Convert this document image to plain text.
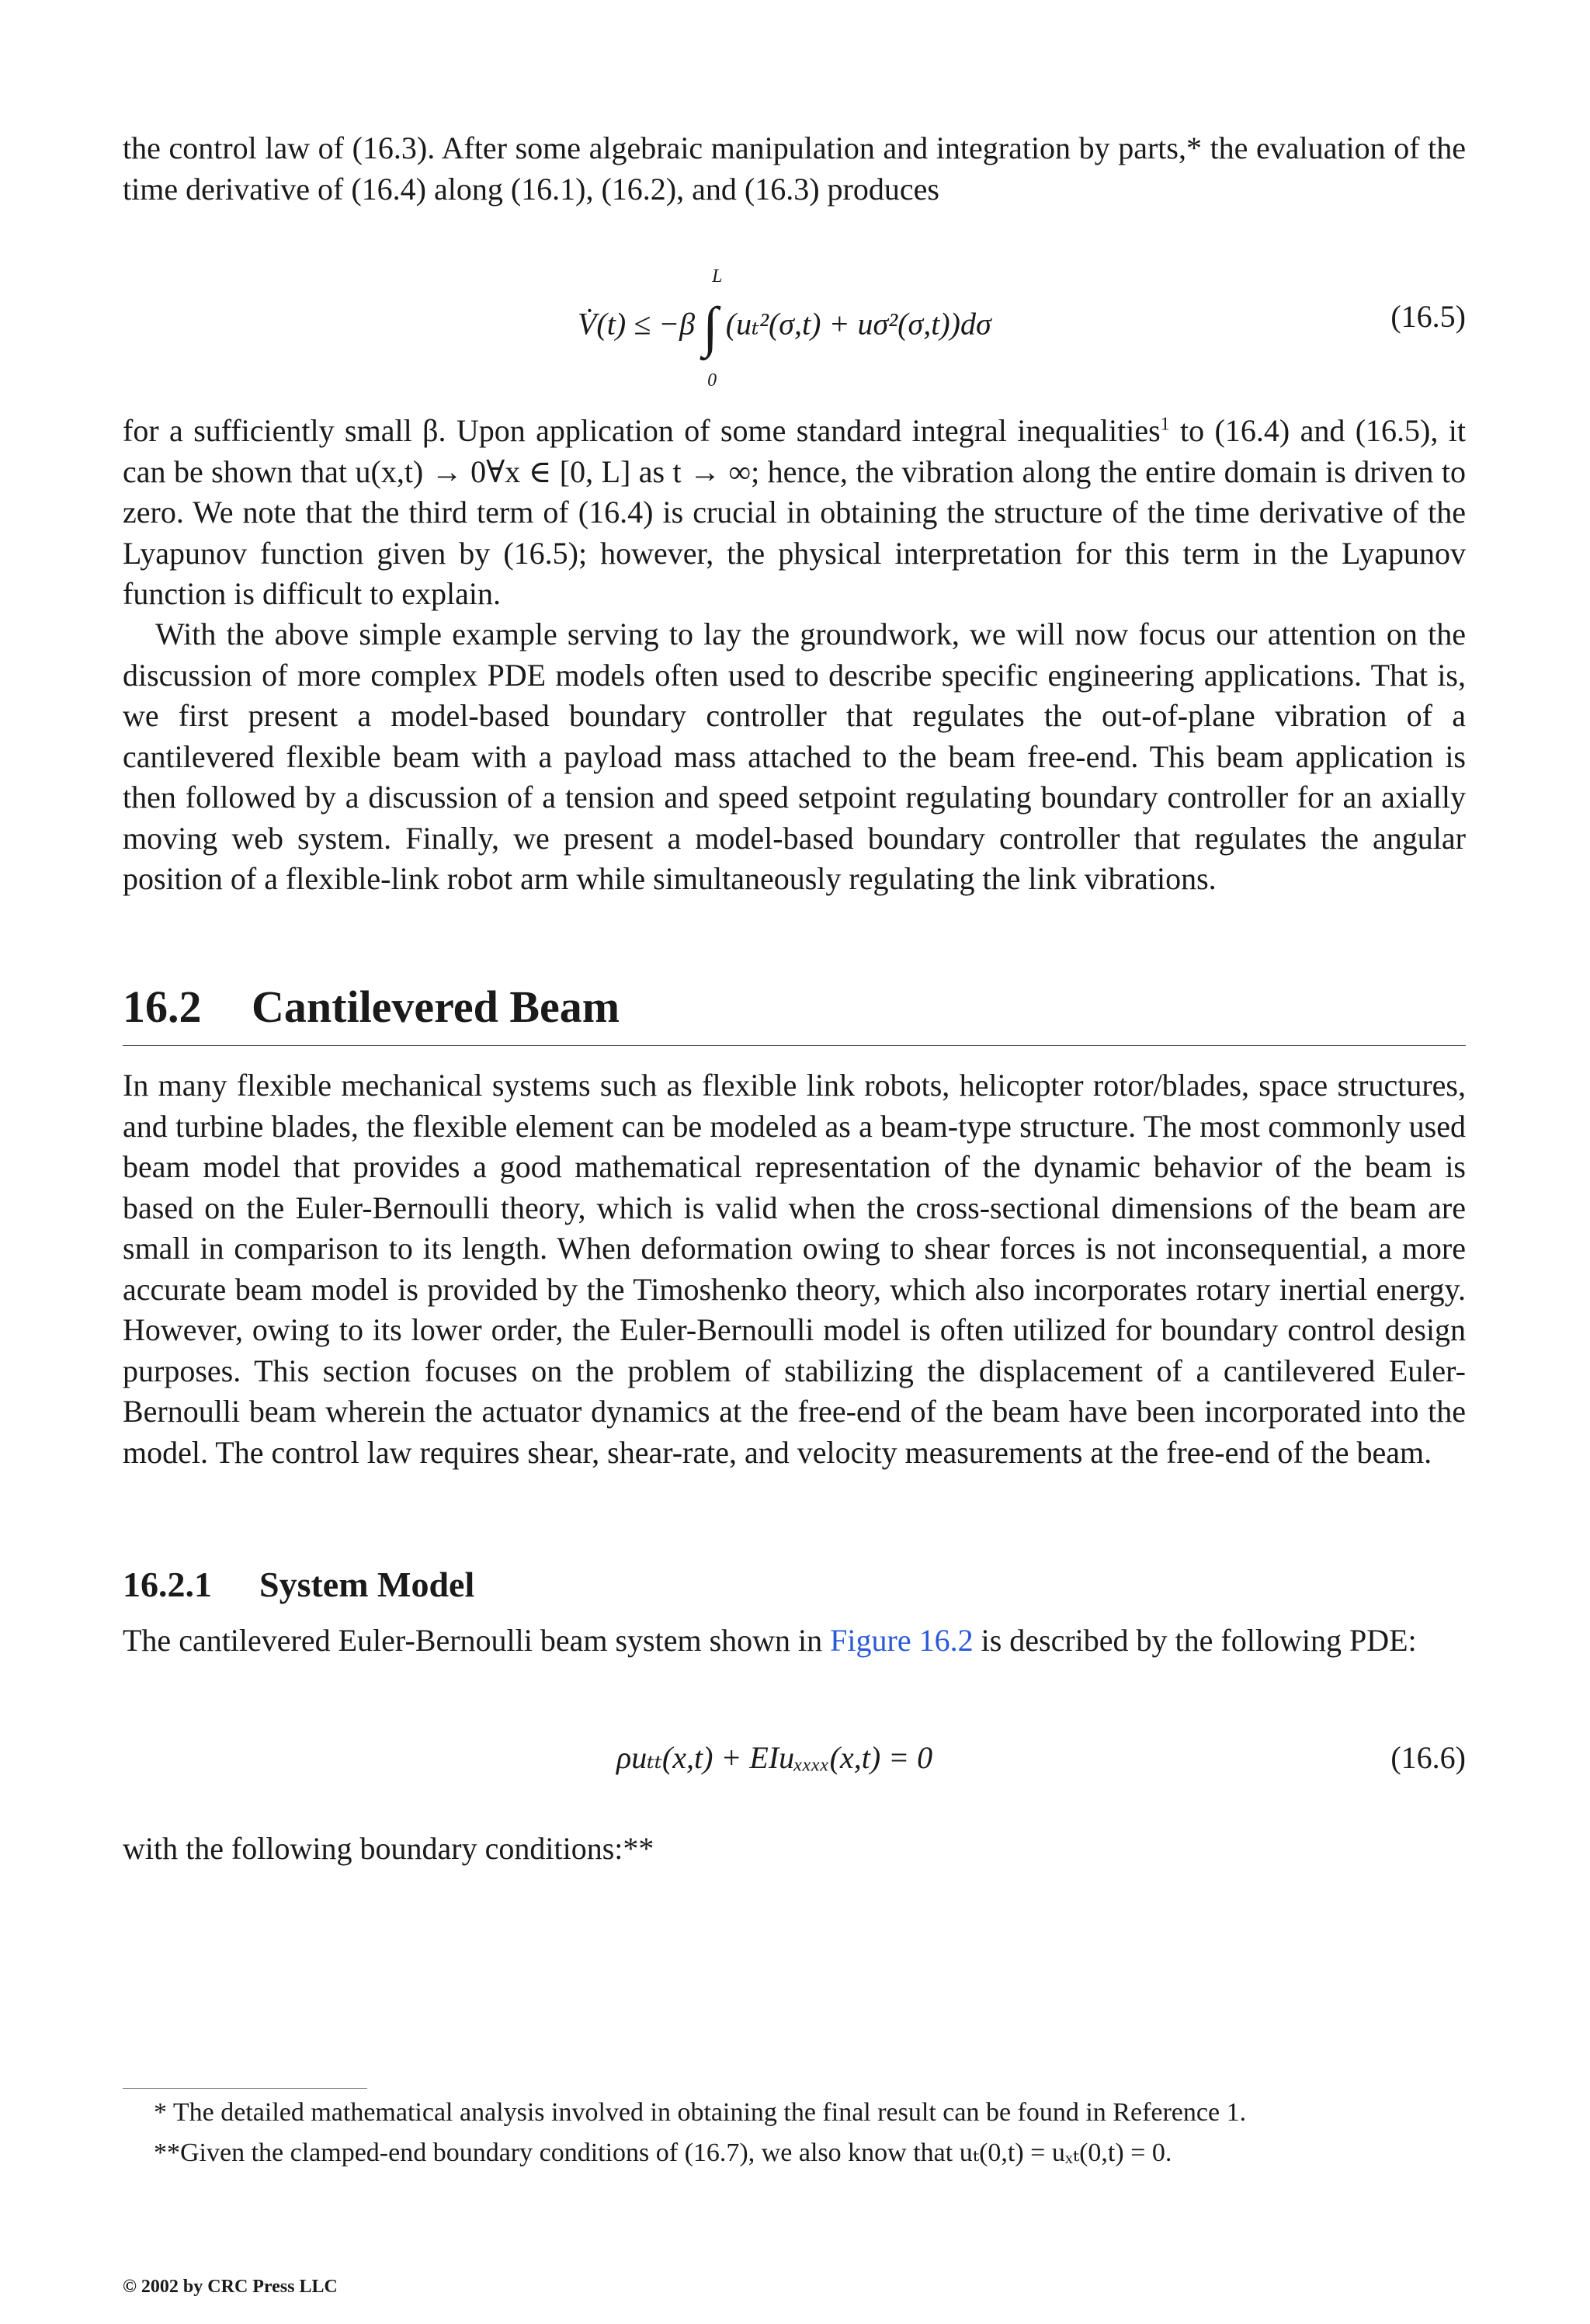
the control law of (16.3). After some algebraic manipulation and integration by parts,* the evaluation of the time derivative of (16.4) along (16.1), (16.2), and (16.3) produces

V̇(t) ≤ −β ∫
L
0
(uₜ²(σ,t) + uσ²(σ,t))dσ	(16.5)

for a sufficiently small β. Upon application of some standard integral inequalities$^1$ to (16.4) and (16.5), it can be shown that u(x,t) → 0∀x ∈ [0, L] as t → ∞; hence, the vibration along the entire domain is driven to zero. We note that the third term of (16.4) is crucial in obtaining the structure of the time derivative of the Lyapunov function given by (16.5); however, the physical interpretation for this term in the Lyapunov function is difficult to explain.

With the above simple example serving to lay the groundwork, we will now focus our attention on the discussion of more complex PDE models often used to describe specific engineering applications. That is, we first present a model-based boundary controller that regulates the out-of-plane vibration of a cantilevered flexible beam with a payload mass attached to the beam free-end. This beam application is then followed by a discussion of a tension and speed setpoint regulating boundary controller for an axially moving web system. Finally, we present a model-based boundary controller that regulates the angular position of a flexible-link robot arm while simultaneously regulating the link vibrations.

16.2 Cantilevered Beam

In many flexible mechanical systems such as flexible link robots, helicopter rotor/blades, space structures, and turbine blades, the flexible element can be modeled as a beam-type structure. The most commonly used beam model that provides a good mathematical representation of the dynamic behavior of the beam is based on the Euler-Bernoulli theory, which is valid when the cross-sectional dimensions of the beam are small in comparison to its length. When deformation owing to shear forces is not inconsequential, a more accurate beam model is provided by the Timoshenko theory, which also incorporates rotary inertial energy. However, owing to its lower order, the Euler-Bernoulli model is often utilized for boundary control design purposes. This section focuses on the problem of stabilizing the displacement of a cantilevered Euler-Bernoulli beam wherein the actuator dynamics at the free-end of the beam have been incorporated into the model. The control law requires shear, shear-rate, and velocity measurements at the free-end of the beam.

16.2.1 System Model

The cantilevered Euler-Bernoulli beam system shown in Figure 16.2 is described by the following PDE:

ρuₜₜ(x,t) + EIuₓₓₓₓ(x,t) = 0	(16.6)

with the following boundary conditions:**

* The detailed mathematical analysis involved in obtaining the final result can be found in Reference 1.

**Given the clamped-end boundary conditions of (16.7), we also know that uₜ(0,t) = uₓₜ(0,t) = 0.

© 2002 by CRC Press LLC
